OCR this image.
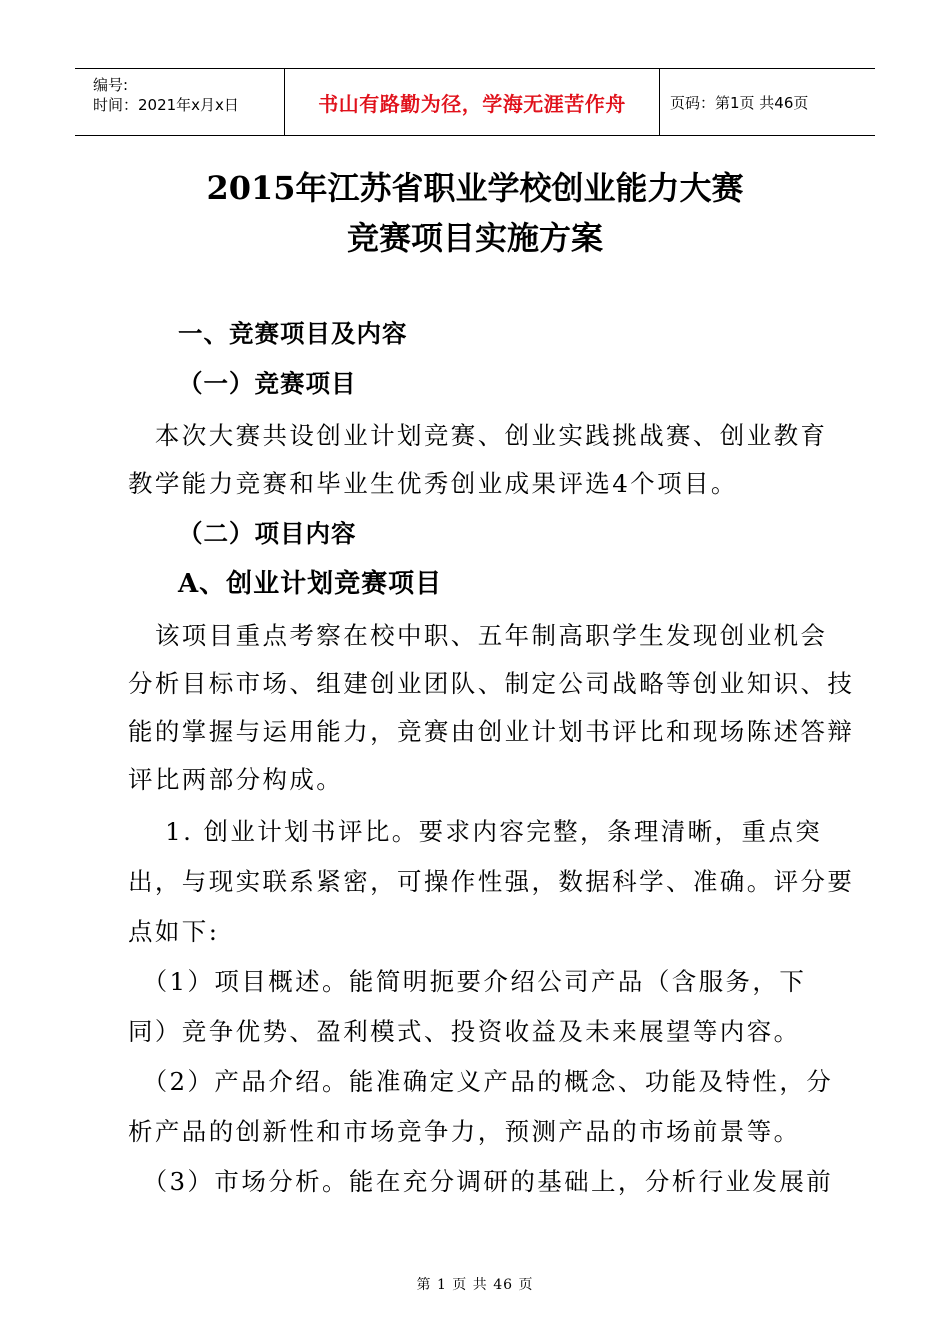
编号:
时间：2021年x月x日	书山有路勤为径，学海无涯苦作舟	页码：第1页 共46页
2015年江苏省职业学校创业能力大赛
竞赛项目实施方案
一、竞赛项目及内容
（一）竞赛项目
　本次大赛共设创业计划竞赛、创业实践挑战赛、创业教育
教学能力竞赛和毕业生优秀创业成果评选4个项目。
（二）项目内容
A、创业计划竞赛项目
　该项目重点考察在校中职、五年制高职学生发现创业机会
分析目标市场、组建创业团队、制定公司战略等创业知识、技
能的掌握与运用能力，竞赛由创业计划书评比和现场陈述答辩
评比两部分构成。
　 1. 创业计划书评比。要求内容完整，条理清晰，重点突
出，与现实联系紧密，可操作性强，数据科学、准确。评分要
点如下:
　（1）项目概述。能简明扼要介绍公司产品（含服务，下
同）竞争优势、盈利模式、投资收益及未来展望等内容。
　（2）产品介绍。能准确定义产品的概念、功能及特性，分
析产品的创新性和市场竞争力，预测产品的市场前景等。
　（3）市场分析。能在充分调研的基础上，分析行业发展前
第 1 页 共 46 页
